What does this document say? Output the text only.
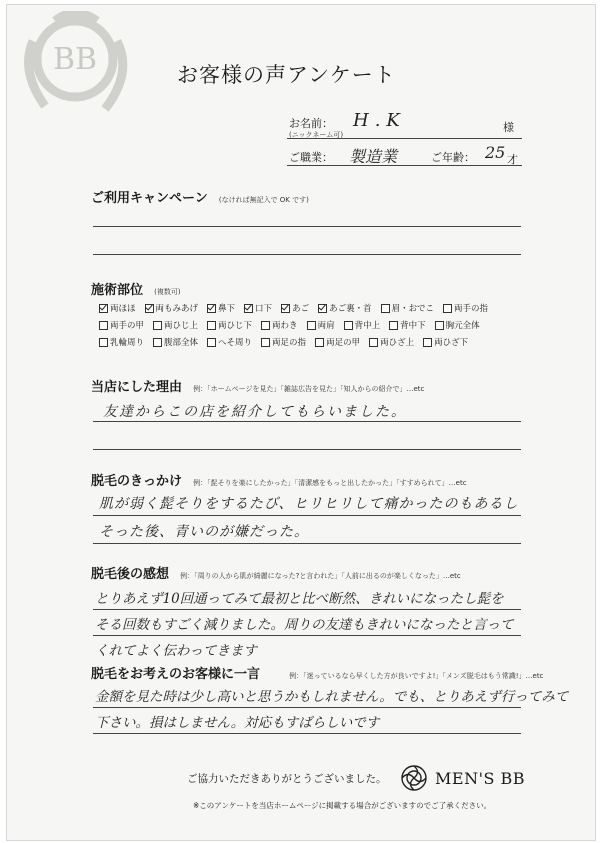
BB	お客様の声アンケート
お名前：
(ニックネーム可)
H.K	様
ご職業： 製造業	ご年齢： 25 才
ご利用キャンペーン (なければ無記入で OK です)
施術部位 (複数可)
両ほほ 両もみあげ 鼻下 口下 あご あご裏・首 眉・おでこ 両手の指
両手の甲 両ひじ上 両ひじ下 両わき 両肩 背中上 背中下 胸元全体
乳輪周り 腹部全体 へそ周り 両足の指 両足の甲 両ひざ上 両ひざ下
当店にした理由 例：「ホームページを見た」「雑誌広告を見た」「知人からの紹介で」…etc
友達からこの店を紹介してもらいました。
脱毛のきっかけ 例：「髭そりを楽にしたかった」「清潔感をもっと出したかった」「すすめられて」…etc
肌が弱く髭そりをするたび、ヒリヒリして痛かったのもあるし
そった後、青いのが嫌だった。
脱毛後の感想 例：「周りの人から肌が綺麗になった?と言われた」「人前に出るのが楽しくなった」…etc
とりあえず10回通ってみて最初と比べ断然、きれいになったし髭を
そる回数もすごく減りました。周りの友達もきれいになったと言って
くれてよく伝わってきます
脱毛をお考えのお客様に一言	例：「迷っているなら早くした方が良いですよ!」「メンズ脱毛はもう常識!」…etc
金額を見た時は少し高いと思うかもしれません。でも、とりあえず行ってみて
下さい。損はしません。対応もすばらしいです
ご協力いただきありがとうございました。	MEN'S BB
※このアンケートを当店ホームページに掲載する場合がございますのでご了承ください。
